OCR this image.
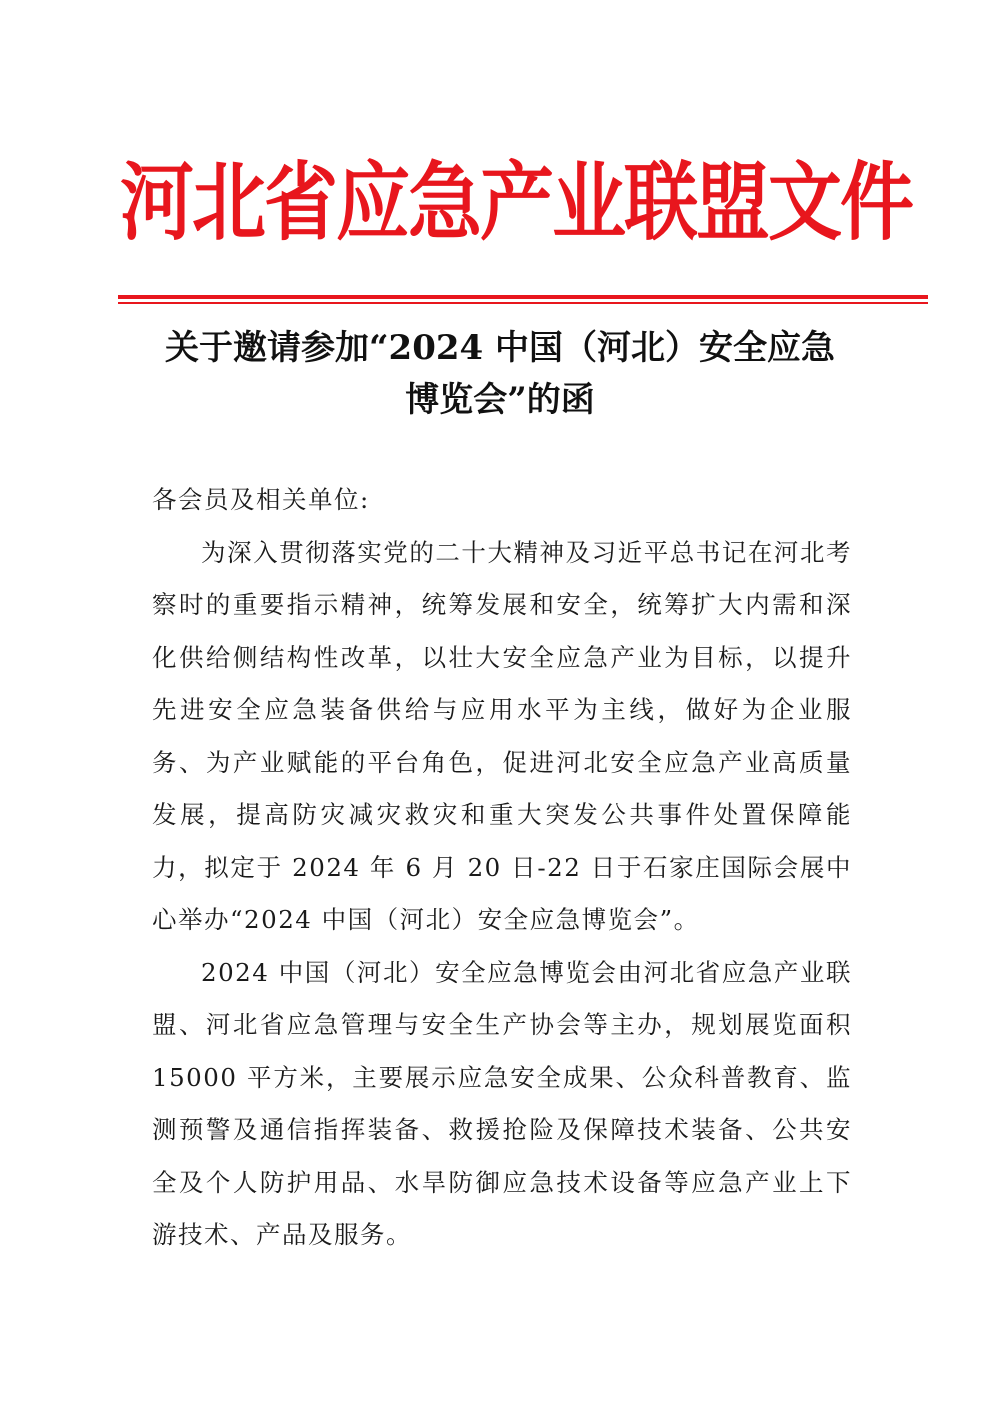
河北省应急产业联盟文件
关于邀请参加“2024 中国（河北）安全应急
博览会”的函

各会员及相关单位:

为深入贯彻落实党的二十大精神及习近平总书记在河北考察时的重要指示精神，统筹发展和安全，统筹扩大内需和深化供给侧结构性改革，以壮大安全应急产业为目标，以提升先进安全应急装备供给与应用水平为主线，做好为企业服务、为产业赋能的平台角色，促进河北安全应急产业高质量发展，提高防灾减灾救灾和重大突发公共事件处置保障能力，拟定于 2024 年 6 月 20 日-22 日于石家庄国际会展中心举办“2024 中国（河北）安全应急博览会”。

2024 中国（河北）安全应急博览会由河北省应急产业联盟、河北省应急管理与安全生产协会等主办，规划展览面积 15000 平方米，主要展示应急安全成果、公众科普教育、监测预警及通信指挥装备、救援抢险及保障技术装备、公共安全及个人防护用品、水旱防御应急技术设备等应急产业上下游技术、产品及服务。
